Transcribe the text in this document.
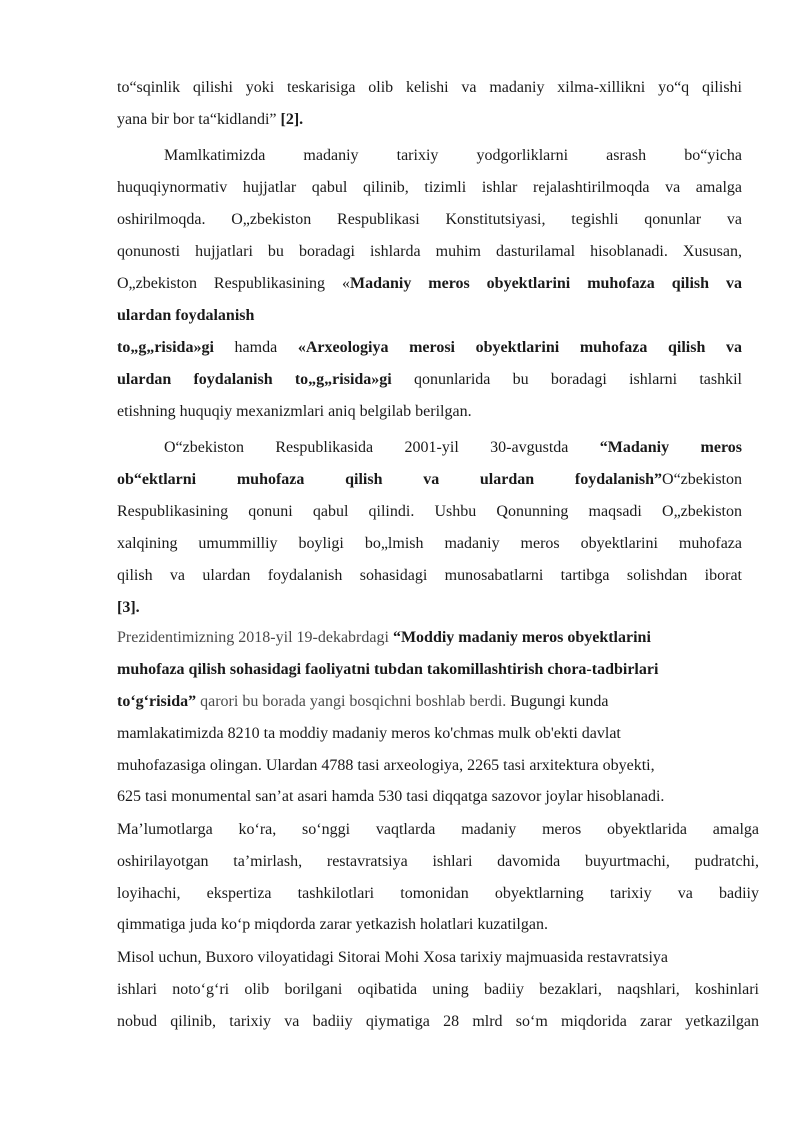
to“sqinlik qilishi yoki teskarisiga olib kelishi va madaniy xilma-xillikni yo“q qilishi
yana bir bor ta“kidlandi” [2].
Mamlkatimizda madaniy tarixiy yodgorliklarni asrash bo“yicha
huquqiynormativ hujjatlar qabul qilinib, tizimli ishlar rejalashtirilmoqda va amalga
oshirilmoqda. O„zbekiston Respublikasi Konstitutsiyasi, tegishli qonunlar va
qonunosti hujjatlari bu boradagi ishlarda muhim dasturilamal hisoblanadi. Xususan,
O„zbekiston Respublikasining «Madaniy meros obyektlarini muhofaza qilish va
ulardan foydalanish
to„g„risida»gi hamda «Arxeologiya merosi obyektlarini muhofaza qilish va
ulardan foydalanish to„g„risida»gi qonunlarida bu boradagi ishlarni tashkil
etishning huquqiy mexanizmlari aniq belgilab berilgan.
O“zbekiston Respublikasida 2001-yil 30-avgustda “Madaniy meros
ob“ektlarni muhofaza qilish va ulardan foydalanish”O“zbekiston
Respublikasining qonuni qabul qilindi. Ushbu Qonunning maqsadi O„zbekiston
xalqining umummilliy boyligi bo„lmish madaniy meros obyektlarini muhofaza
qilish va ulardan foydalanish sohasidagi munosabatlarni tartibga solishdan iborat
[3].
Prezidentimizning 2018-yil 19-dekabrdagi “Moddiy madaniy meros obyektlarini
muhofaza qilish sohasidagi faoliyatni tubdan takomillashtirish chora-tadbirlari
to‘g‘risida” qarori bu borada yangi bosqichni boshlab berdi. Bugungi kunda
mamlakatimizda 8210 ta moddiy madaniy meros ko'chmas mulk ob'ekti davlat
muhofazasiga olingan. Ulardan 4788 tasi arxeologiya, 2265 tasi arxitektura obyekti,
625 tasi monumental san’at asari hamda 530 tasi diqqatga sazovor joylar hisoblanadi.
Ma’lumotlarga ko‘ra, so‘nggi vaqtlarda madaniy meros obyektlarida amalga
oshirilayotgan ta’mirlash, restavratsiya ishlari davomida buyurtmachi, pudratchi,
loyihachi, ekspertiza tashkilotlari tomonidan obyektlarning tarixiy va badiiy
qimmatiga juda ko‘p miqdorda zarar yetkazish holatlari kuzatilgan.
Misol uchun, Buxoro viloyatidagi Sitorai Mohi Xosa tarixiy majmuasida restavratsiya
ishlari noto‘g‘ri olib borilgani oqibatida uning badiiy bezaklari, naqshlari, koshinlari
nobud qilinib, tarixiy va badiiy qiymatiga 28 mlrd so‘m miqdorida zarar yetkazilgan
